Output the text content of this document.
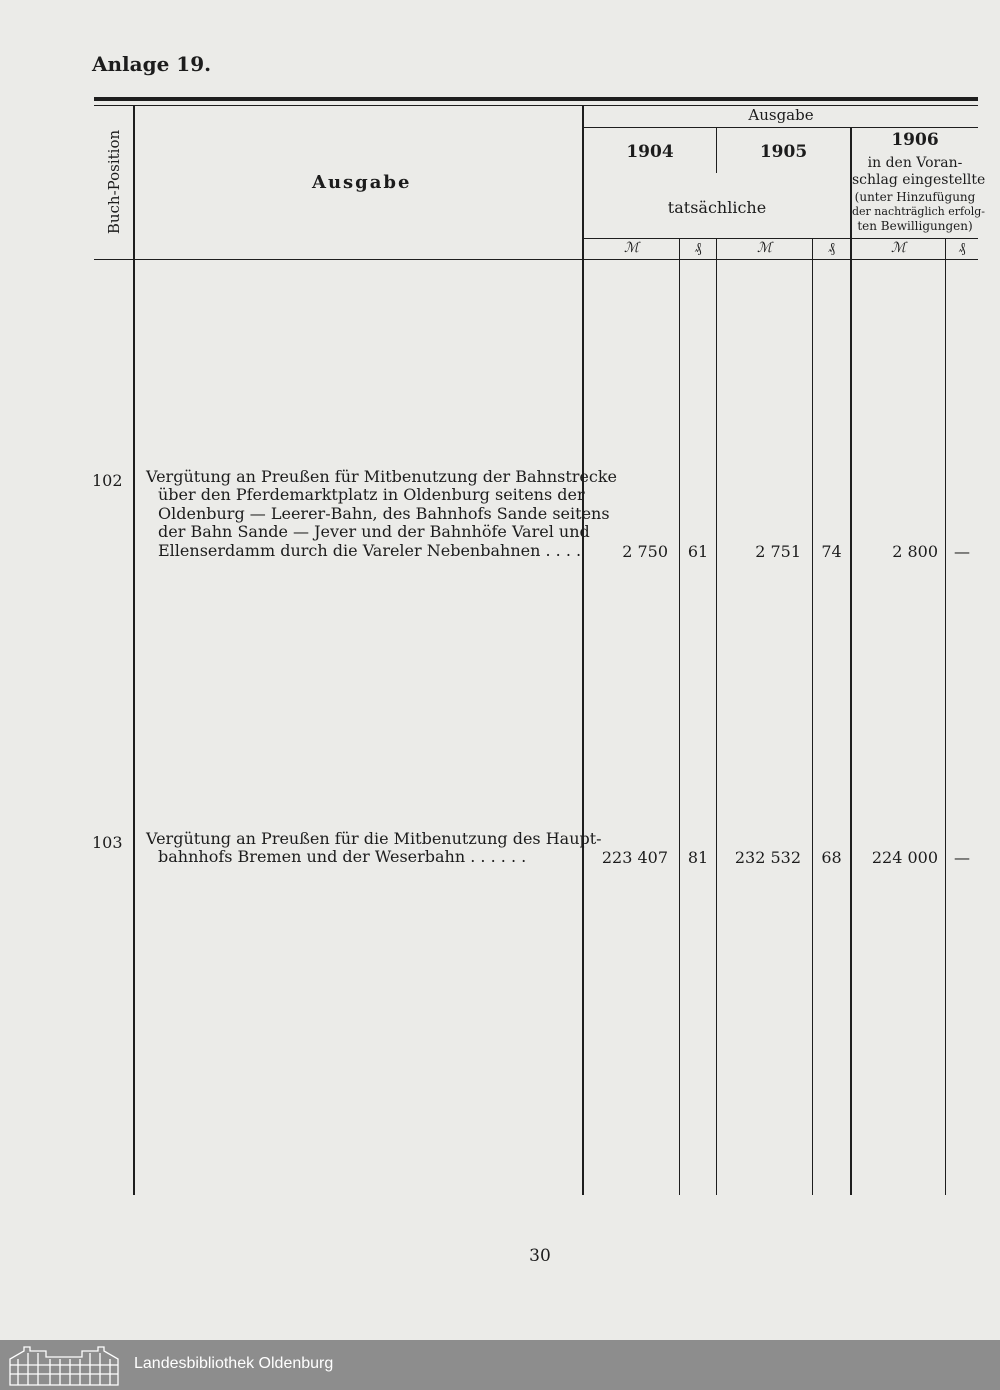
Anlage 19.
Buch-Position	Ausgabe
Ausgabe
1904	1905
tatsächliche
1906
in den Voran-
schlag eingestellte
(unter Hinzufügung
der nachträglich erfolg-
ten Bewilligungen)
ℳ	₰	ℳ	₰	ℳ	₰
102 Vergütung an Preußen für Mitbenutzung der Bahnstrecke
über den Pferdemarktplatz in Oldenburg seitens der
Oldenburg — Leerer-Bahn, des Bahnhofs Sande seitens
der Bahn Sande — Jever und der Bahnhöfe Varel und
Ellenserdamm durch die Vareler Nebenbahnen . . . .	2 750	61	2 751	74	2 800	—
103 Vergütung an Preußen für die Mitbenutzung des Haupt-
bahnhofs Bremen und der Weserbahn . . . . . .	223 407	81	232 532	68	224 000	—
30
Landesbibliothek Oldenburg
